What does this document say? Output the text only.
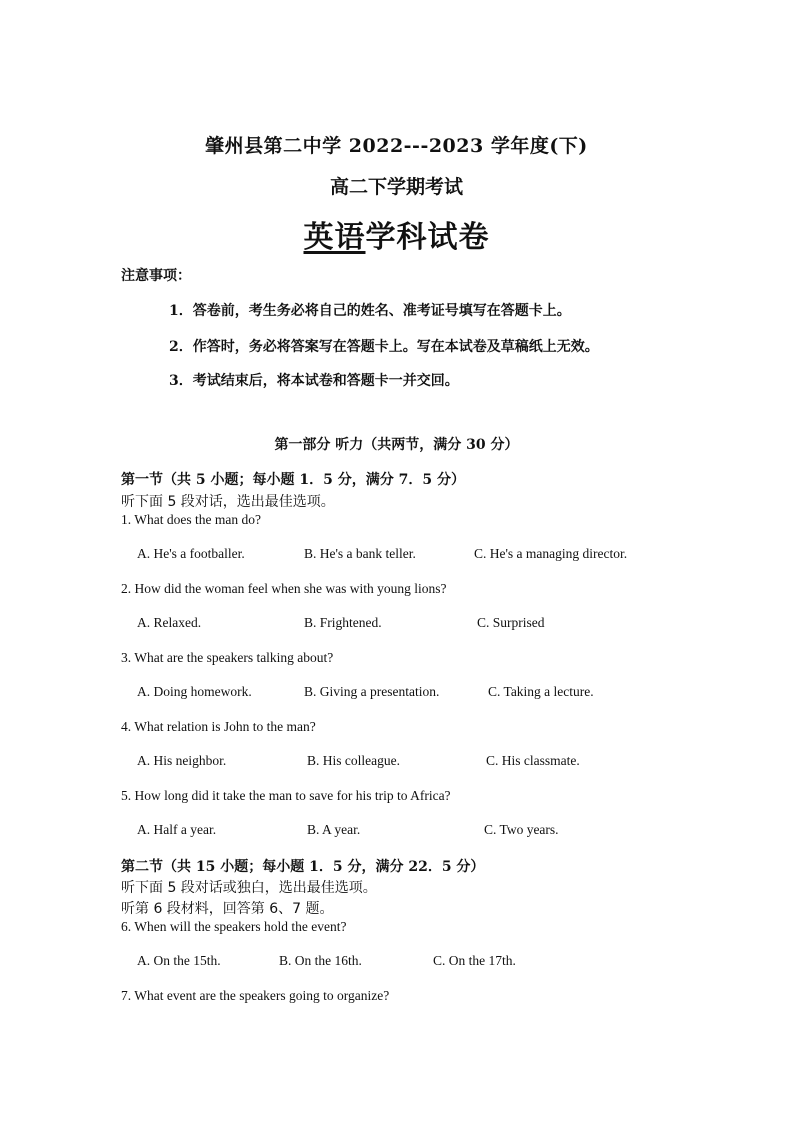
肇州县第二中学 2022---2023 学年度(下)
高二下学期考试
英语学科试卷
注意事项：
1．答卷前，考生务必将自己的姓名、准考证号填写在答题卡上。
2．作答时，务必将答案写在答题卡上。写在本试卷及草稿纸上无效。
3．考试结束后，将本试卷和答题卡一并交回。
第一部分 听力（共两节，满分 30 分）
第一节（共 5 小题；每小题 1．5 分，满分 7．5 分）
听下面 5 段对话，选出最佳选项。
1. What does the man do?
A. He's a footballer.	B. He's a bank teller.	C. He's a managing director.
2. How did the woman feel when she was with young lions?
A. Relaxed.	B. Frightened.	C. Surprised
3. What are the speakers talking about?
A. Doing homework.	B. Giving a presentation.	C. Taking a lecture.
4. What relation is John to the man?
A. His neighbor.	B. His colleague.	C. His classmate.
5. How long did it take the man to save for his trip to Africa?
A. Half a year.	B. A year.	C. Two years.
第二节（共 15 小题；每小题 1．5 分，满分 22．5 分）
听下面 5 段对话或独白，选出最佳选项。
听第 6 段材料，回答第 6、7 题。
6. When will the speakers hold the event?
A. On the 15th.	B. On the 16th.	C. On the 17th.
7. What event are the speakers going to organize?
